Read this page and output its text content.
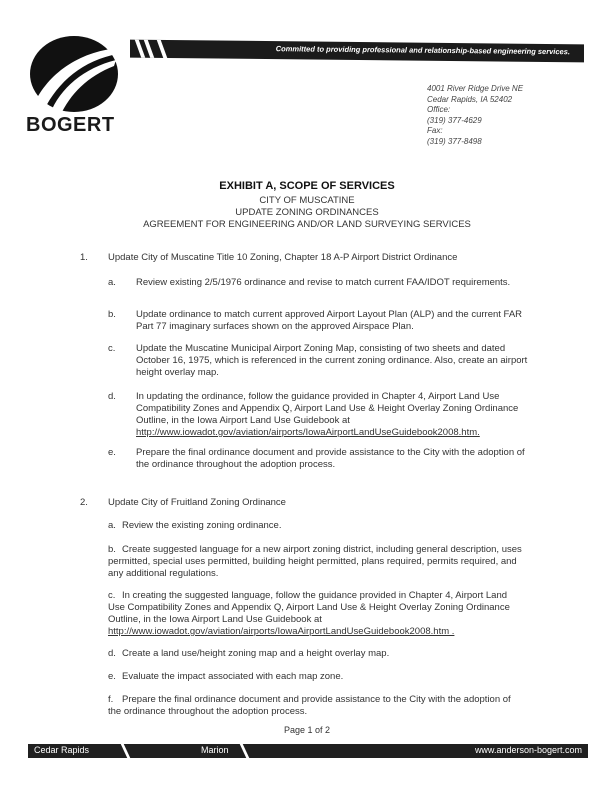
BOGERT
Committed to providing professional and relationship-based engineering services.
4001 River Ridge Drive NE
Cedar Rapids, IA 52402
Office:
(319) 377-4629
Fax:
(319) 377-8498
EXHIBIT A, SCOPE OF SERVICES
CITY OF MUSCATINE
UPDATE ZONING ORDINANCES
AGREEMENT FOR ENGINEERING AND/OR LAND SURVEYING SERVICES
1. Update City of Muscatine Title 10 Zoning, Chapter 18 A-P Airport District Ordinance
a. Review existing 2/5/1976 ordinance and revise to match current FAA/IDOT requirements.
b. Update ordinance to match current approved Airport Layout Plan (ALP) and the current FAR Part 77 imaginary surfaces shown on the approved Airspace Plan.
c. Update the Muscatine Municipal Airport Zoning Map, consisting of two sheets and dated October 16, 1975, which is referenced in the current zoning ordinance. Also, create an airport height overlay map.
d. In updating the ordinance, follow the guidance provided in Chapter 4, Airport Land Use Compatibility Zones and Appendix Q, Airport Land Use & Height Overlay Zoning Ordinance Outline, in the Iowa Airport Land Use Guidebook at http://www.iowadot.gov/aviation/airports/IowaAirportLandUseGuidebook2008.htm.
e. Prepare the final ordinance document and provide assistance to the City with the adoption of the ordinance throughout the adoption process.
2. Update City of Fruitland Zoning Ordinance
a. Review the existing zoning ordinance.
b. Create suggested language for a new airport zoning district, including general description, uses permitted, special uses permitted, building height permitted, plans required, permits required, and any additional regulations.
c. In creating the suggested language, follow the guidance provided in Chapter 4, Airport Land Use Compatibility Zones and Appendix Q, Airport Land Use & Height Overlay Zoning Ordinance Outline, in the Iowa Airport Land Use Guidebook at http://www.iowadot.gov/aviation/airports/IowaAirportLandUseGuidebook2008.htm .
d. Create a land use/height zoning map and a height overlay map.
e. Evaluate the impact associated with each map zone.
f. Prepare the final ordinance document and provide assistance to the City with the adoption of the ordinance throughout the adoption process.
Page 1 of 2
Cedar Rapids	Marion	www.anderson-bogert.com
